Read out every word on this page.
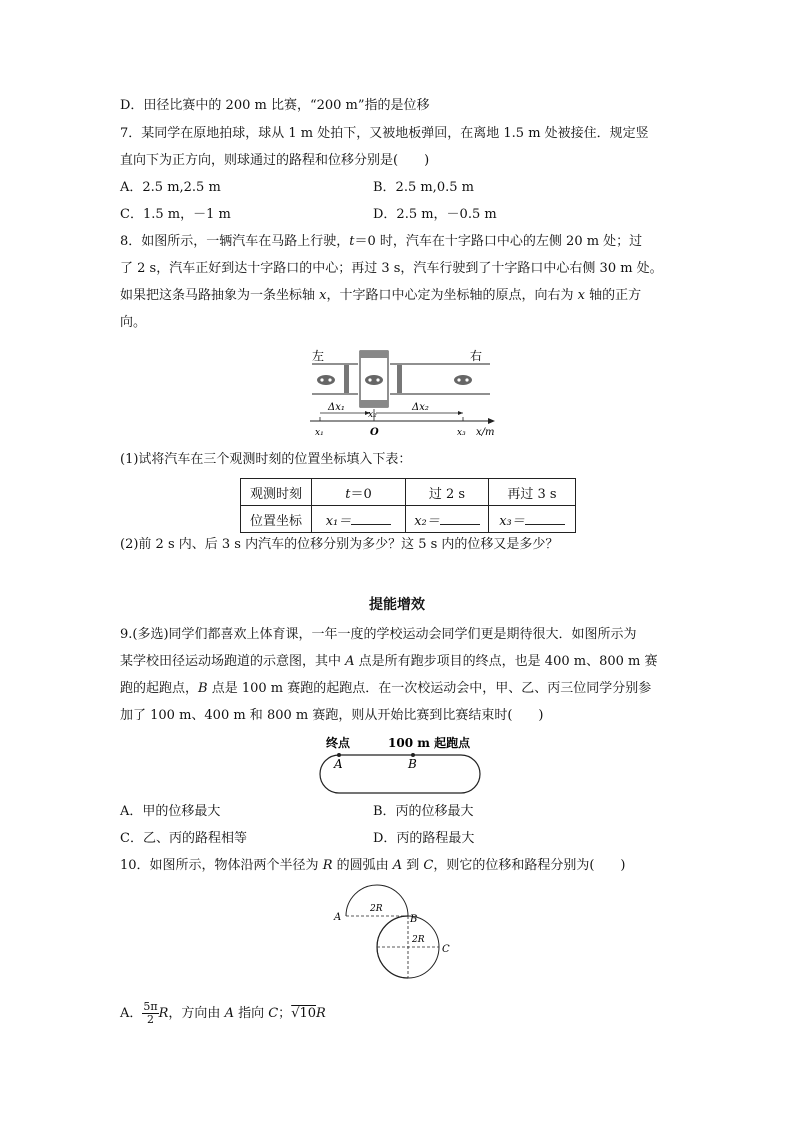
D．田径比赛中的 200 m 比赛，“200 m”指的是位移
7．某同学在原地拍球，球从 1 m 处拍下，又被地板弹回，在离地 1.5 m 处被接住．规定竖
直向下为正方向，则球通过的路程和位移分别是(　　)
A．2.5 m,2.5 m	B．2.5 m,0.5 m
C．1.5 m，－1 m	D．2.5 m，－0.5 m
8．如图所示，一辆汽车在马路上行驶，t＝0 时，汽车在十字路口中心的左侧 20 m 处；过
了 2 s，汽车正好到达十字路口的中心；再过 3 s，汽车行驶到了十字路口中心右侧 30 m 处。
如果把这条马路抽象为一条坐标轴 x，十字路口中心定为坐标轴的原点，向右为 x 轴的正方
向。
左	右
Δx₁	Δx₂
x₂
x₁	O	x₃ x/m
(1)试将汽车在三个观测时刻的位置坐标填入下表：
观测时刻	t＝0	过 2 s	再过 3 s
位置坐标	x₁＝	x₂＝	x₃＝
(2)前 2 s 内、后 3 s 内汽车的位移分别为多少？这 5 s 内的位移又是多少？
提能增效
9.(多选)同学们都喜欢上体育课，一年一度的学校运动会同学们更是期待很大．如图所示为
某学校田径运动场跑道的示意图，其中 A 点是所有跑步项目的终点，也是 400 m、800 m 赛
跑的起跑点，B 点是 100 m 赛跑的起跑点．在一次校运动会中，甲、乙、丙三位同学分别参
加了 100 m、400 m 和 800 m 赛跑，则从开始比赛到比赛结束时(　　)
终点	100 m 起跑点
A	B
A．甲的位移最大	B．丙的位移最大
C．乙、丙的路程相等	D．丙的路程最大
10．如图所示，物体沿两个半径为 R 的圆弧由 A 到 C，则它的位移和路程分别为(　　)
A	B
C
2R
2R
A． $\frac{5\pi}{2}$ R，方向由 A 指向 C；√10R
